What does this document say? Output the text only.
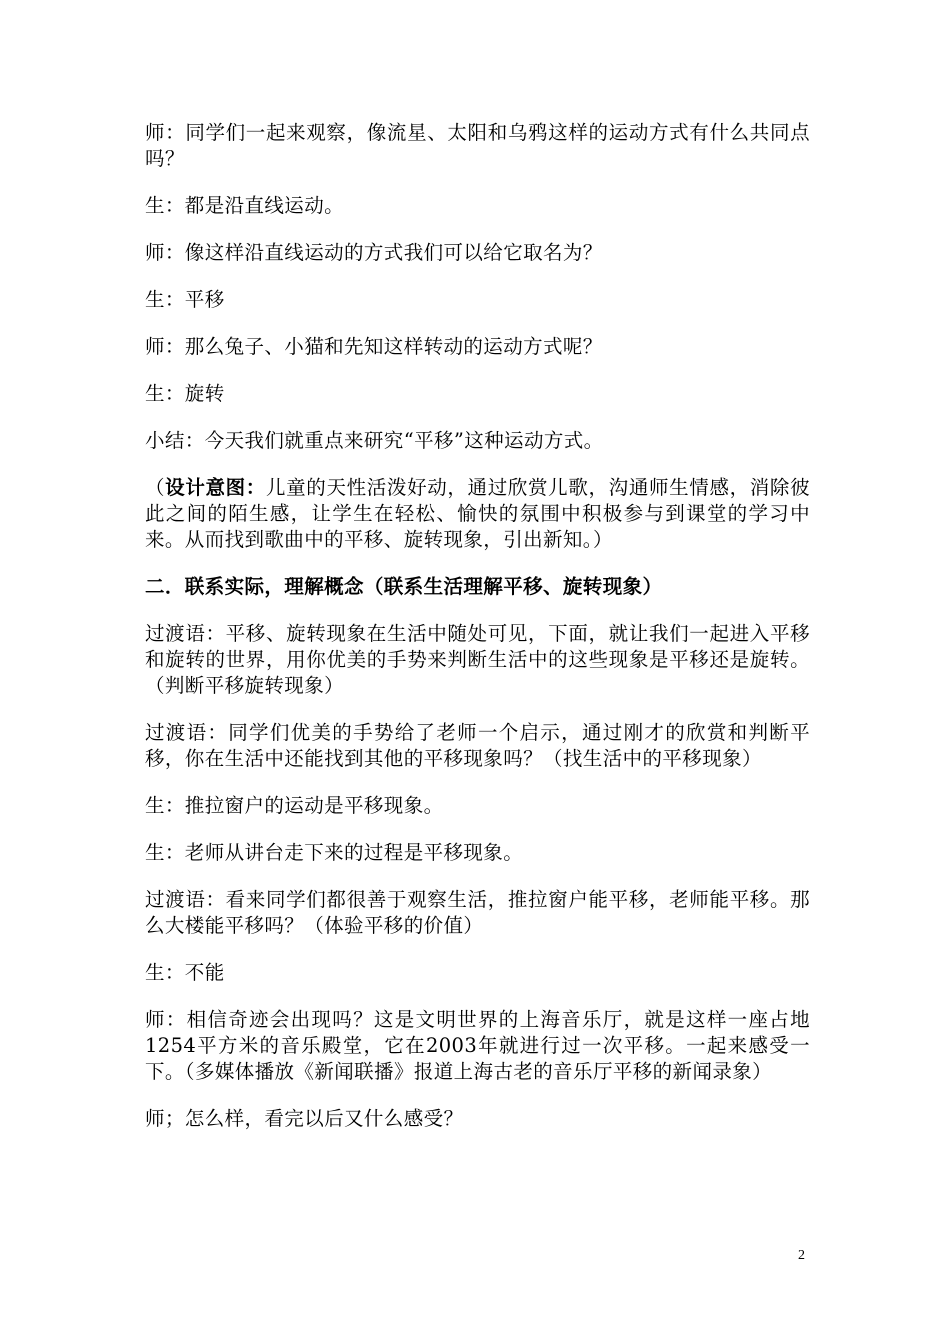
师：同学们一起来观察，像流星、太阳和乌鸦这样的运动方式有什么共同点吗？

生：都是沿直线运动。

师：像这样沿直线运动的方式我们可以给它取名为？

生：平移

师：那么兔子、小猫和先知这样转动的运动方式呢？

生：旋转

小结：今天我们就重点来研究“平移”这种运动方式。

（设计意图：儿童的天性活泼好动，通过欣赏儿歌，沟通师生情感，消除彼此之间的陌生感，让学生在轻松、愉快的氛围中积极参与到课堂的学习中来。从而找到歌曲中的平移、旋转现象，引出新知。）

二．联系实际，理解概念（联系生活理解平移、旋转现象）

过渡语：平移、旋转现象在生活中随处可见，下面，就让我们一起进入平移和旋转的世界，用你优美的手势来判断生活中的这些现象是平移还是旋转。（判断平移旋转现象）

过渡语：同学们优美的手势给了老师一个启示，通过刚才的欣赏和判断平移，你在生活中还能找到其他的平移现象吗？（找生活中的平移现象）

生：推拉窗户的运动是平移现象。

生：老师从讲台走下来的过程是平移现象。

过渡语：看来同学们都很善于观察生活，推拉窗户能平移，老师能平移。那么大楼能平移吗？（体验平移的价值）

生：不能

师：相信奇迹会出现吗？这是文明世界的上海音乐厅，就是这样一座占地1254平方米的音乐殿堂，它在2003年就进行过一次平移。一起来感受一下。（多媒体播放《新闻联播》报道上海古老的音乐厅平移的新闻录象）

师；怎么样，看完以后又什么感受？

2
